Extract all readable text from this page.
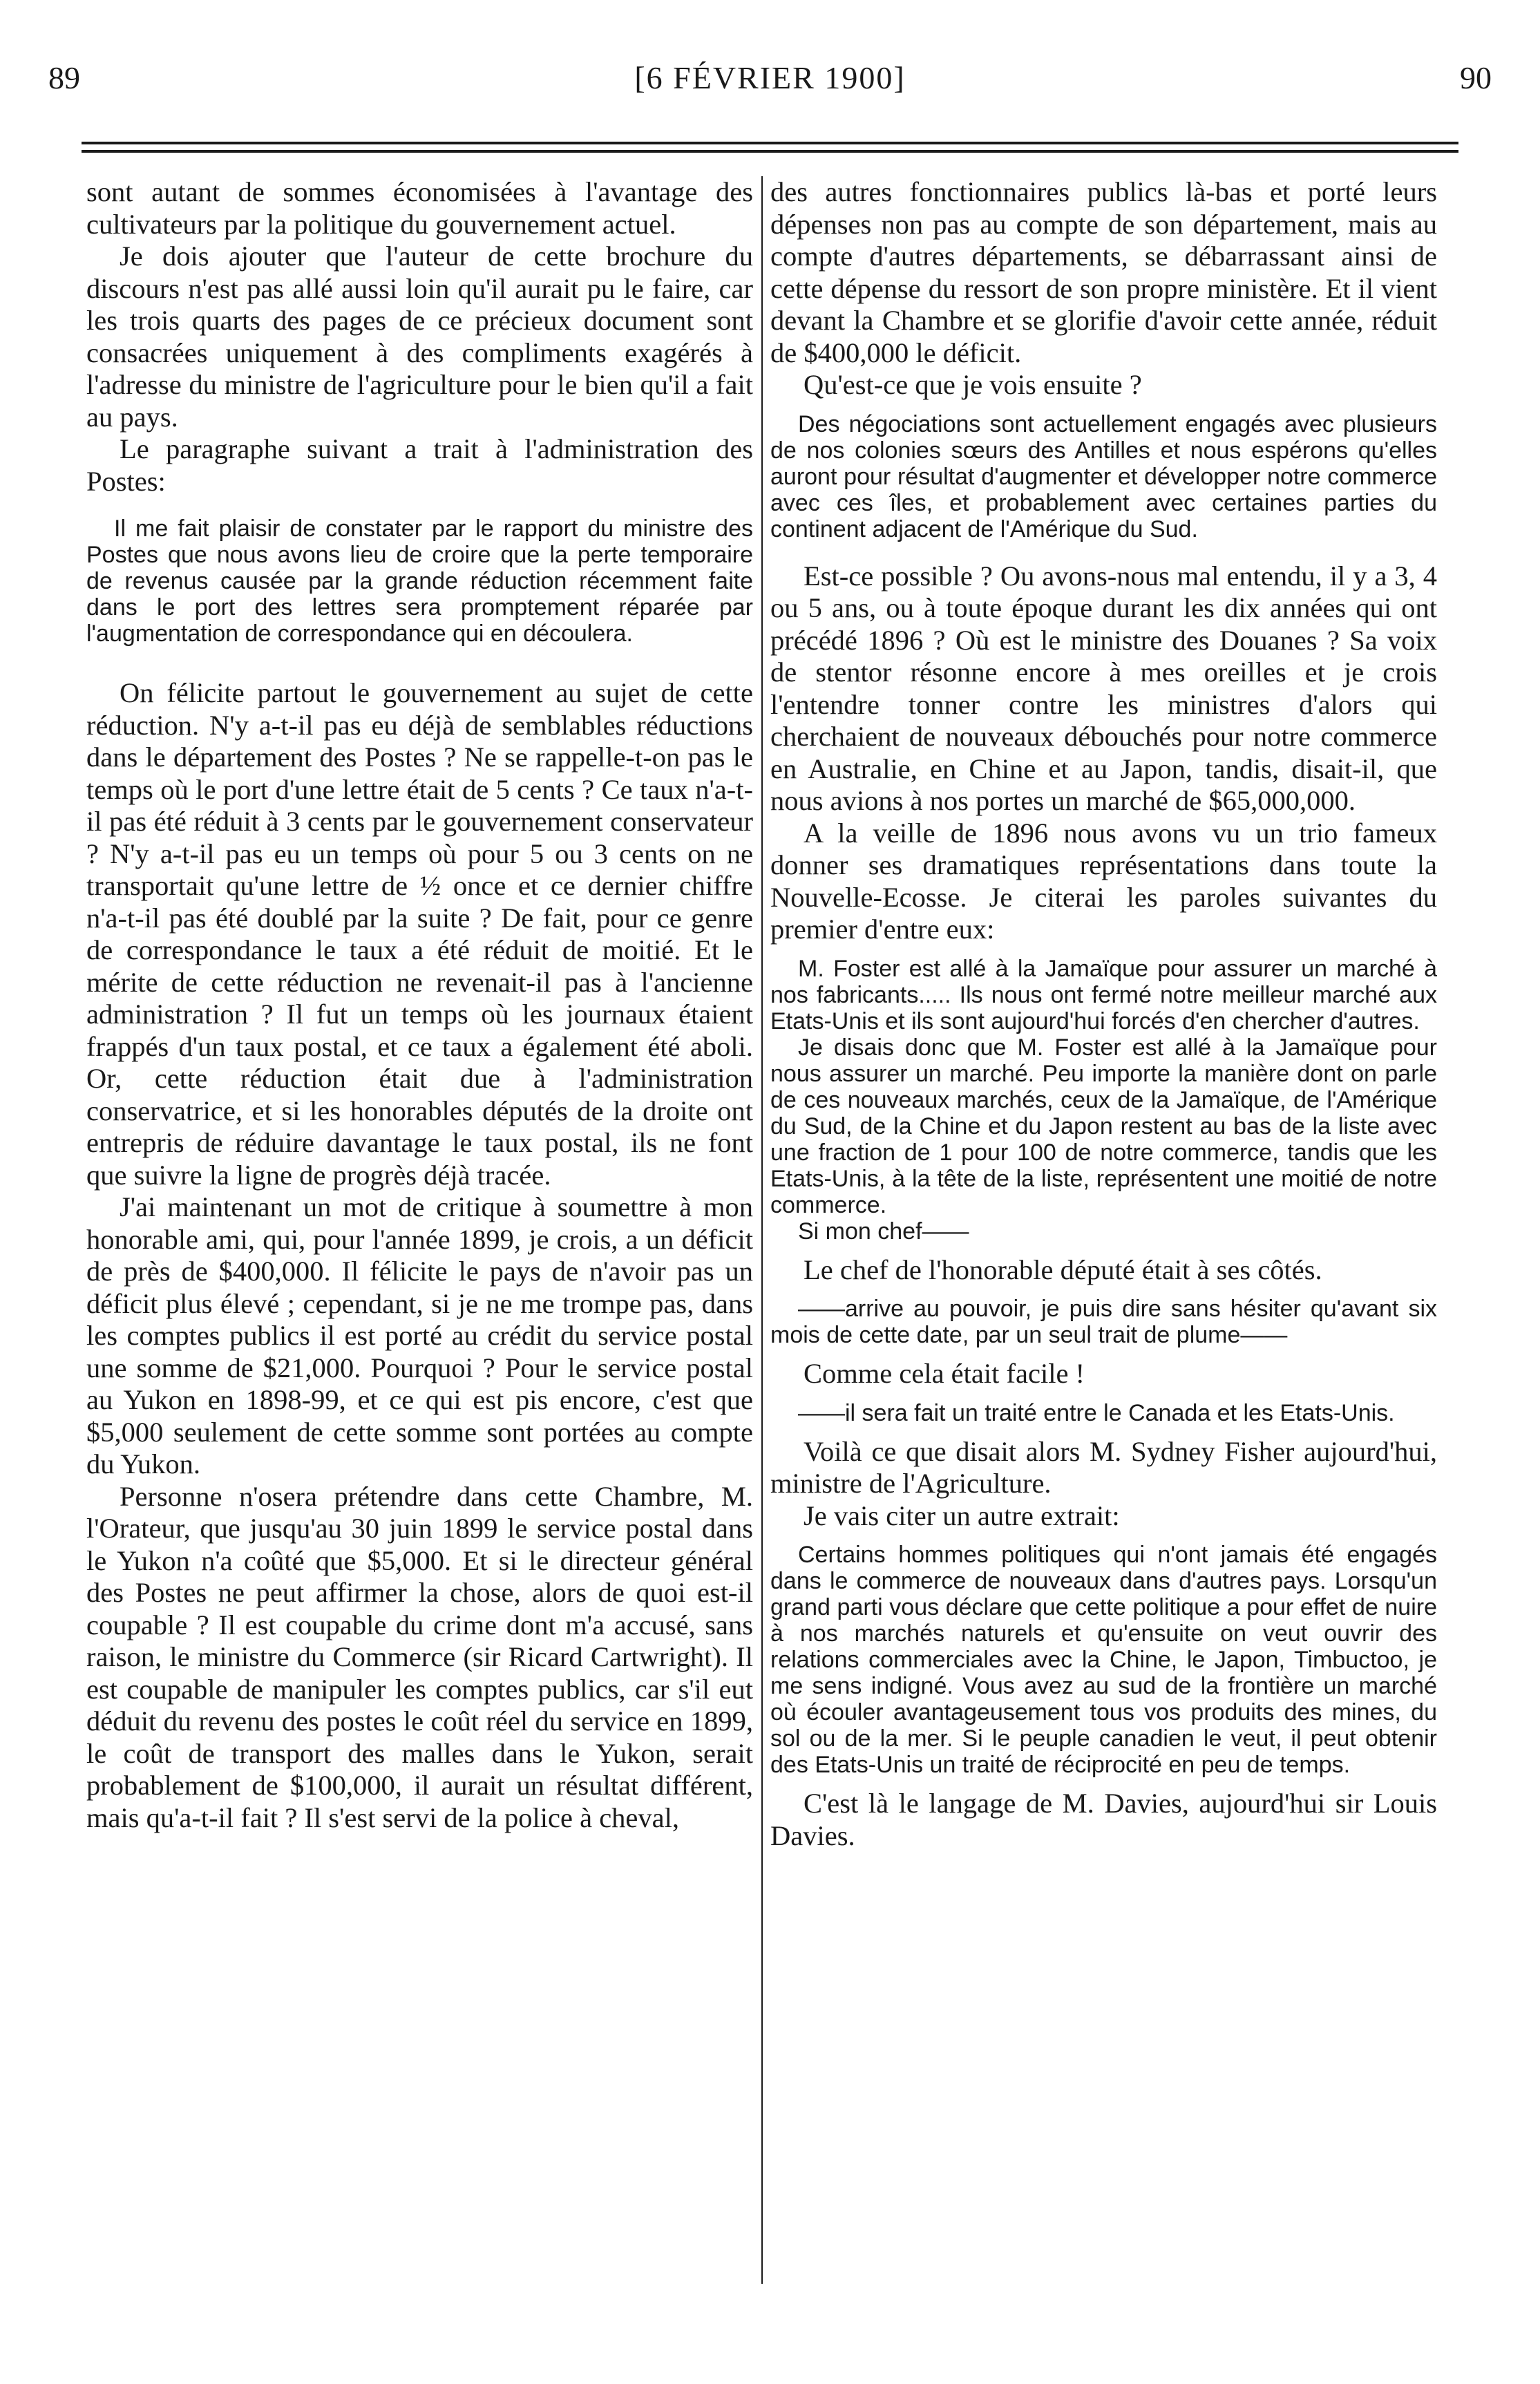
89	[6 FÉVRIER 1900]	90

sont autant de sommes économisées à l'avantage des cultivateurs par la politique du gouvernement actuel.

Je dois ajouter que l'auteur de cette brochure du discours n'est pas allé aussi loin qu'il aurait pu le faire, car les trois quarts des pages de ce précieux document sont consacrées uniquement à des compliments exagérés à l'adresse du ministre de l'agriculture pour le bien qu'il a fait au pays.

Le paragraphe suivant a trait à l'administration des Postes:

Il me fait plaisir de constater par le rapport du ministre des Postes que nous avons lieu de croire que la perte temporaire de revenus causée par la grande réduction récemment faite dans le port des lettres sera promptement réparée par l'augmentation de correspondance qui en découlera.

On félicite partout le gouvernement au sujet de cette réduction. N'y a-t-il pas eu déjà de semblables réductions dans le département des Postes ? Ne se rappelle-t-on pas le temps où le port d'une lettre était de 5 cents ? Ce taux n'a-t-il pas été réduit à 3 cents par le gouvernement conservateur ? N'y a-t-il pas eu un temps où pour 5 ou 3 cents on ne transportait qu'une lettre de ½ once et ce dernier chiffre n'a-t-il pas été doublé par la suite ? De fait, pour ce genre de correspondance le taux a été réduit de moitié. Et le mérite de cette réduction ne revenait-il pas à l'ancienne administration ? Il fut un temps où les journaux étaient frappés d'un taux postal, et ce taux a également été aboli. Or, cette réduction était due à l'administration conservatrice, et si les honorables députés de la droite ont entrepris de réduire davantage le taux postal, ils ne font que suivre la ligne de progrès déjà tracée.

J'ai maintenant un mot de critique à soumettre à mon honorable ami, qui, pour l'année 1899, je crois, a un déficit de près de $400,000. Il félicite le pays de n'avoir pas un déficit plus élevé ; cependant, si je ne me trompe pas, dans les comptes publics il est porté au crédit du service postal une somme de $21,000. Pourquoi ? Pour le service postal au Yukon en 1898-99, et ce qui est pis encore, c'est que $5,000 seulement de cette somme sont portées au compte du Yukon.

Personne n'osera prétendre dans cette Chambre, M. l'Orateur, que jusqu'au 30 juin 1899 le service postal dans le Yukon n'a coûté que $5,000. Et si le directeur général des Postes ne peut affirmer la chose, alors de quoi est-il coupable ? Il est coupable du crime dont m'a accusé, sans raison, le ministre du Commerce (sir Ricard Cartwright). Il est coupable de manipuler les comptes publics, car s'il eut déduit du revenu des postes le coût réel du service en 1899, le coût de transport des malles dans le Yukon, serait probablement de $100,000, il aurait un résultat différent, mais qu'a-t-il fait ? Il s'est servi de la police à cheval,

des autres fonctionnaires publics là-bas et porté leurs dépenses non pas au compte de son département, mais au compte d'autres départements, se débarrassant ainsi de cette dépense du ressort de son propre ministère. Et il vient devant la Chambre et se glorifie d'avoir cette année, réduit de $400,000 le déficit.

Qu'est-ce que je vois ensuite ?

Des négociations sont actuellement engagés avec plusieurs de nos colonies sœurs des Antilles et nous espérons qu'elles auront pour résultat d'augmenter et développer notre commerce avec ces îles, et probablement avec certaines parties du continent adjacent de l'Amérique du Sud.

Est-ce possible ? Ou avons-nous mal entendu, il y a 3, 4 ou 5 ans, ou à toute époque durant les dix années qui ont précédé 1896 ? Où est le ministre des Douanes ? Sa voix de stentor résonne encore à mes oreilles et je crois l'entendre tonner contre les ministres d'alors qui cherchaient de nouveaux débouchés pour notre commerce en Australie, en Chine et au Japon, tandis, disait-il, que nous avions à nos portes un marché de $65,000,000.

A la veille de 1896 nous avons vu un trio fameux donner ses dramatiques représentations dans toute la Nouvelle-Ecosse. Je citerai les paroles suivantes du premier d'entre eux:

M. Foster est allé à la Jamaïque pour assurer un marché à nos fabricants..... Ils nous ont fermé notre meilleur marché aux Etats-Unis et ils sont aujourd'hui forcés d'en chercher d'autres.

Je disais donc que M. Foster est allé à la Jamaïque pour nous assurer un marché. Peu importe la manière dont on parle de ces nouveaux marchés, ceux de la Jamaïque, de l'Amérique du Sud, de la Chine et du Japon restent au bas de la liste avec une fraction de 1 pour 100 de notre commerce, tandis que les Etats-Unis, à la tête de la liste, représentent une moitié de notre commerce.

Si mon chef——

Le chef de l'honorable député était à ses côtés.

——arrive au pouvoir, je puis dire sans hésiter qu'avant six mois de cette date, par un seul trait de plume——

Comme cela était facile !

——il sera fait un traité entre le Canada et les Etats-Unis.

Voilà ce que disait alors M. Sydney Fisher aujourd'hui, ministre de l'Agriculture.

Je vais citer un autre extrait:

Certains hommes politiques qui n'ont jamais été engagés dans le commerce de nouveaux dans d'autres pays. Lorsqu'un grand parti vous déclare que cette politique a pour effet de nuire à nos marchés naturels et qu'ensuite on veut ouvrir des relations commerciales avec la Chine, le Japon, Timbuctoo, je me sens indigné. Vous avez au sud de la frontière un marché où écouler avantageusement tous vos produits des mines, du sol ou de la mer. Si le peuple canadien le veut, il peut obtenir des Etats-Unis un traité de réciprocité en peu de temps.

C'est là le langage de M. Davies, aujourd'hui sir Louis Davies.
